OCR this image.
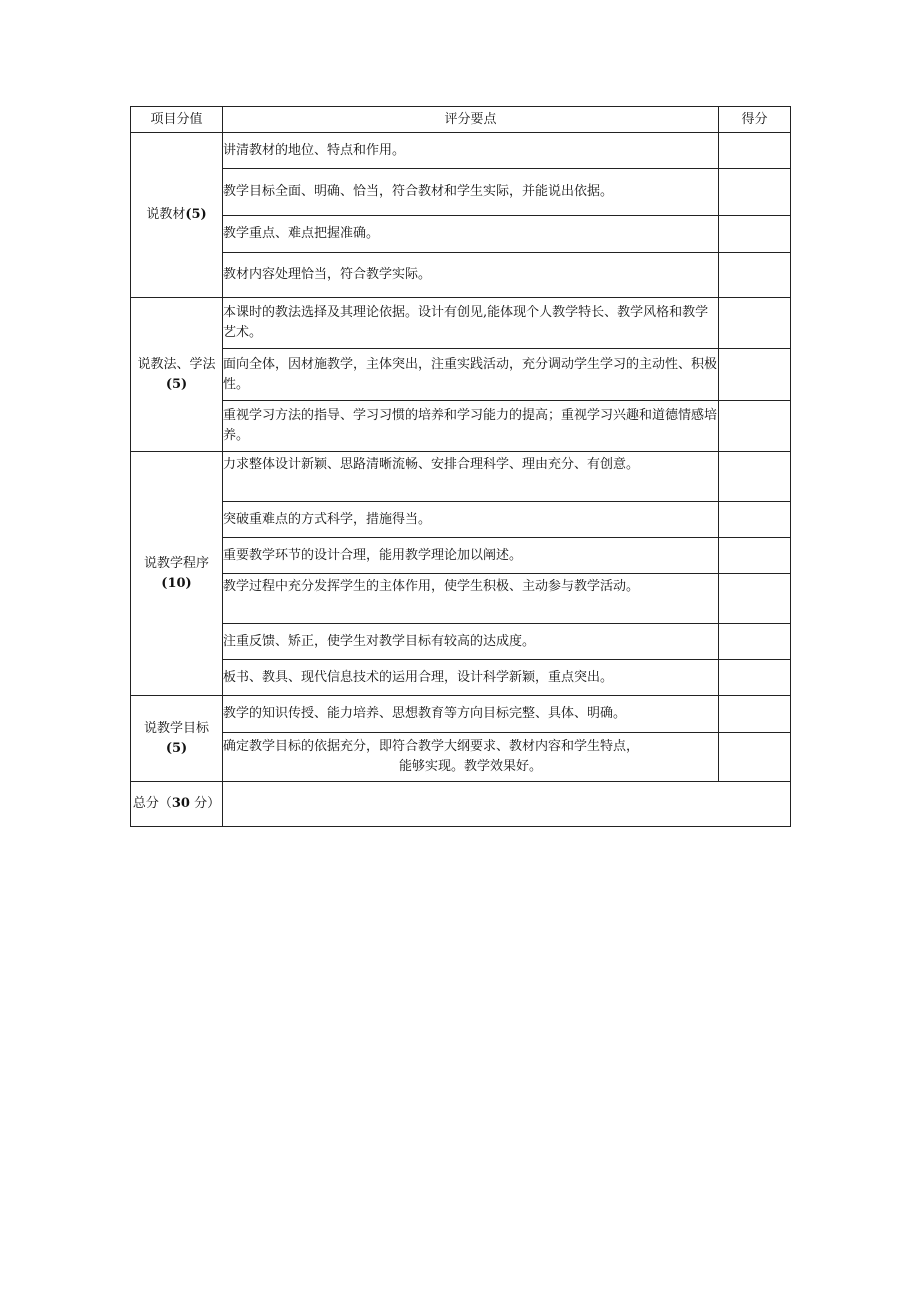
项目分值	评分要点	得分
说教材(5)	讲清教材的地位、特点和作用。	
	教学目标全面、明确、恰当，符合教材和学生实际，并能说出依据。	
	教学重点、难点把握准确。	
	教材内容处理恰当，符合教学实际。	
说教法、学法(5)	本课时的教法选择及其理论依据。设计有创见,能体现个人教学特长、教学风格和教学艺术。	
	面向全体，因材施教学，主体突出，注重实践活动，充分调动学生学习的主动性、积极性。	
	重视学习方法的指导、学习习惯的培养和学习能力的提高；重视学习兴趣和道德情感培养。	
说教学程序
(10)	力求整体设计新颖、思路清晰流畅、安排合理科学、理由充分、有创意。	
	突破重难点的方式科学，措施得当。	
	重要教学环节的设计合理，能用教学理论加以阐述。	
	教学过程中充分发挥学生的主体作用，使学生积极、主动参与教学活动。	
	注重反馈、矫正，使学生对教学目标有较高的达成度。	
	板书、教具、现代信息技术的运用合理，设计科学新颖，重点突出。	
说教学目标
(5)	教学的知识传授、能力培养、思想教育等方向目标完整、具体、明确。	

	确定教学目标的依据充分，即符合教学大纲要求、教材内容和学生特点，
能够实现。教学效果好。	

总分（30 分）		
